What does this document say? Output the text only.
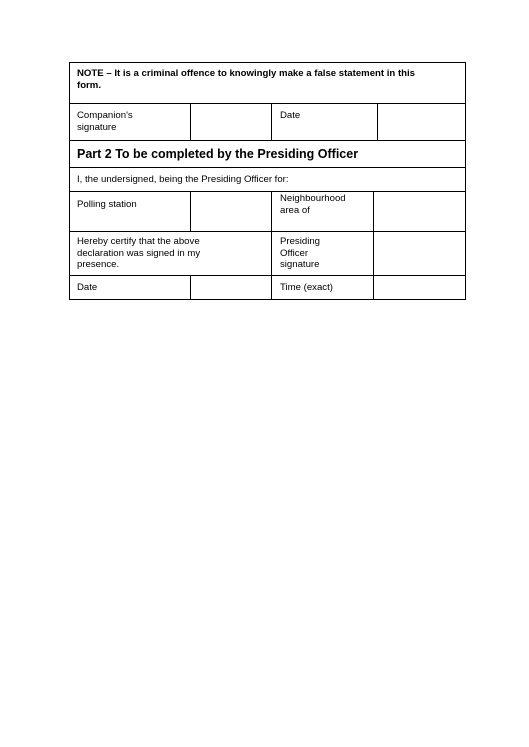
NOTE – It is a criminal offence to knowingly make a false statement in this
form.
Companion's
signature
Date
Part 2 To be completed by the Presiding Officer
I, the undersigned, being the Presiding Officer for:
Polling station
Neighbourhood
area of
Hereby certify that the above
declaration was signed in my
presence.
Presiding
Officer
signature
Date	Time (exact)
